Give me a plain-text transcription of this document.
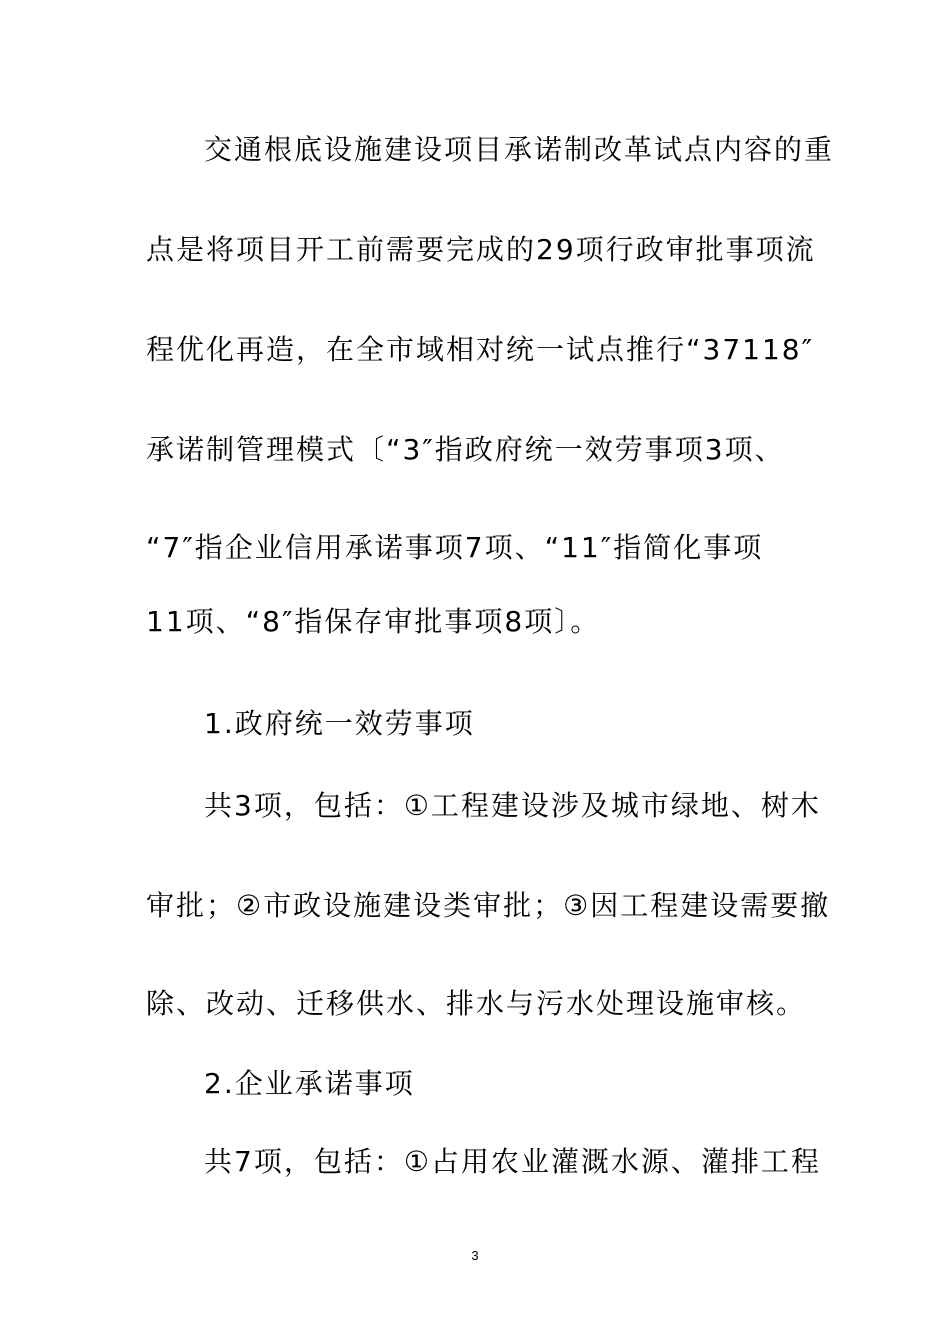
交通根底设施建设项目承诺制改革试点内容的重
点是将项目开工前需要完成的29项行政审批事项流
程优化再造，在全市域相对统一试点推行“37118″
承诺制管理模式〔“3″指政府统一效劳事项3项、
“7″指企业信用承诺事项7项、“11″指简化事项
11项、“8″指保存审批事项8项〕。
1.政府统一效劳事项
共3项，包括：①工程建设涉及城市绿地、树木
审批；②市政设施建设类审批；③因工程建设需要撤
除、改动、迁移供水、排水与污水处理设施审核。
2.企业承诺事项
共7项，包括：①占用农业灌溉水源、灌排工程
3
